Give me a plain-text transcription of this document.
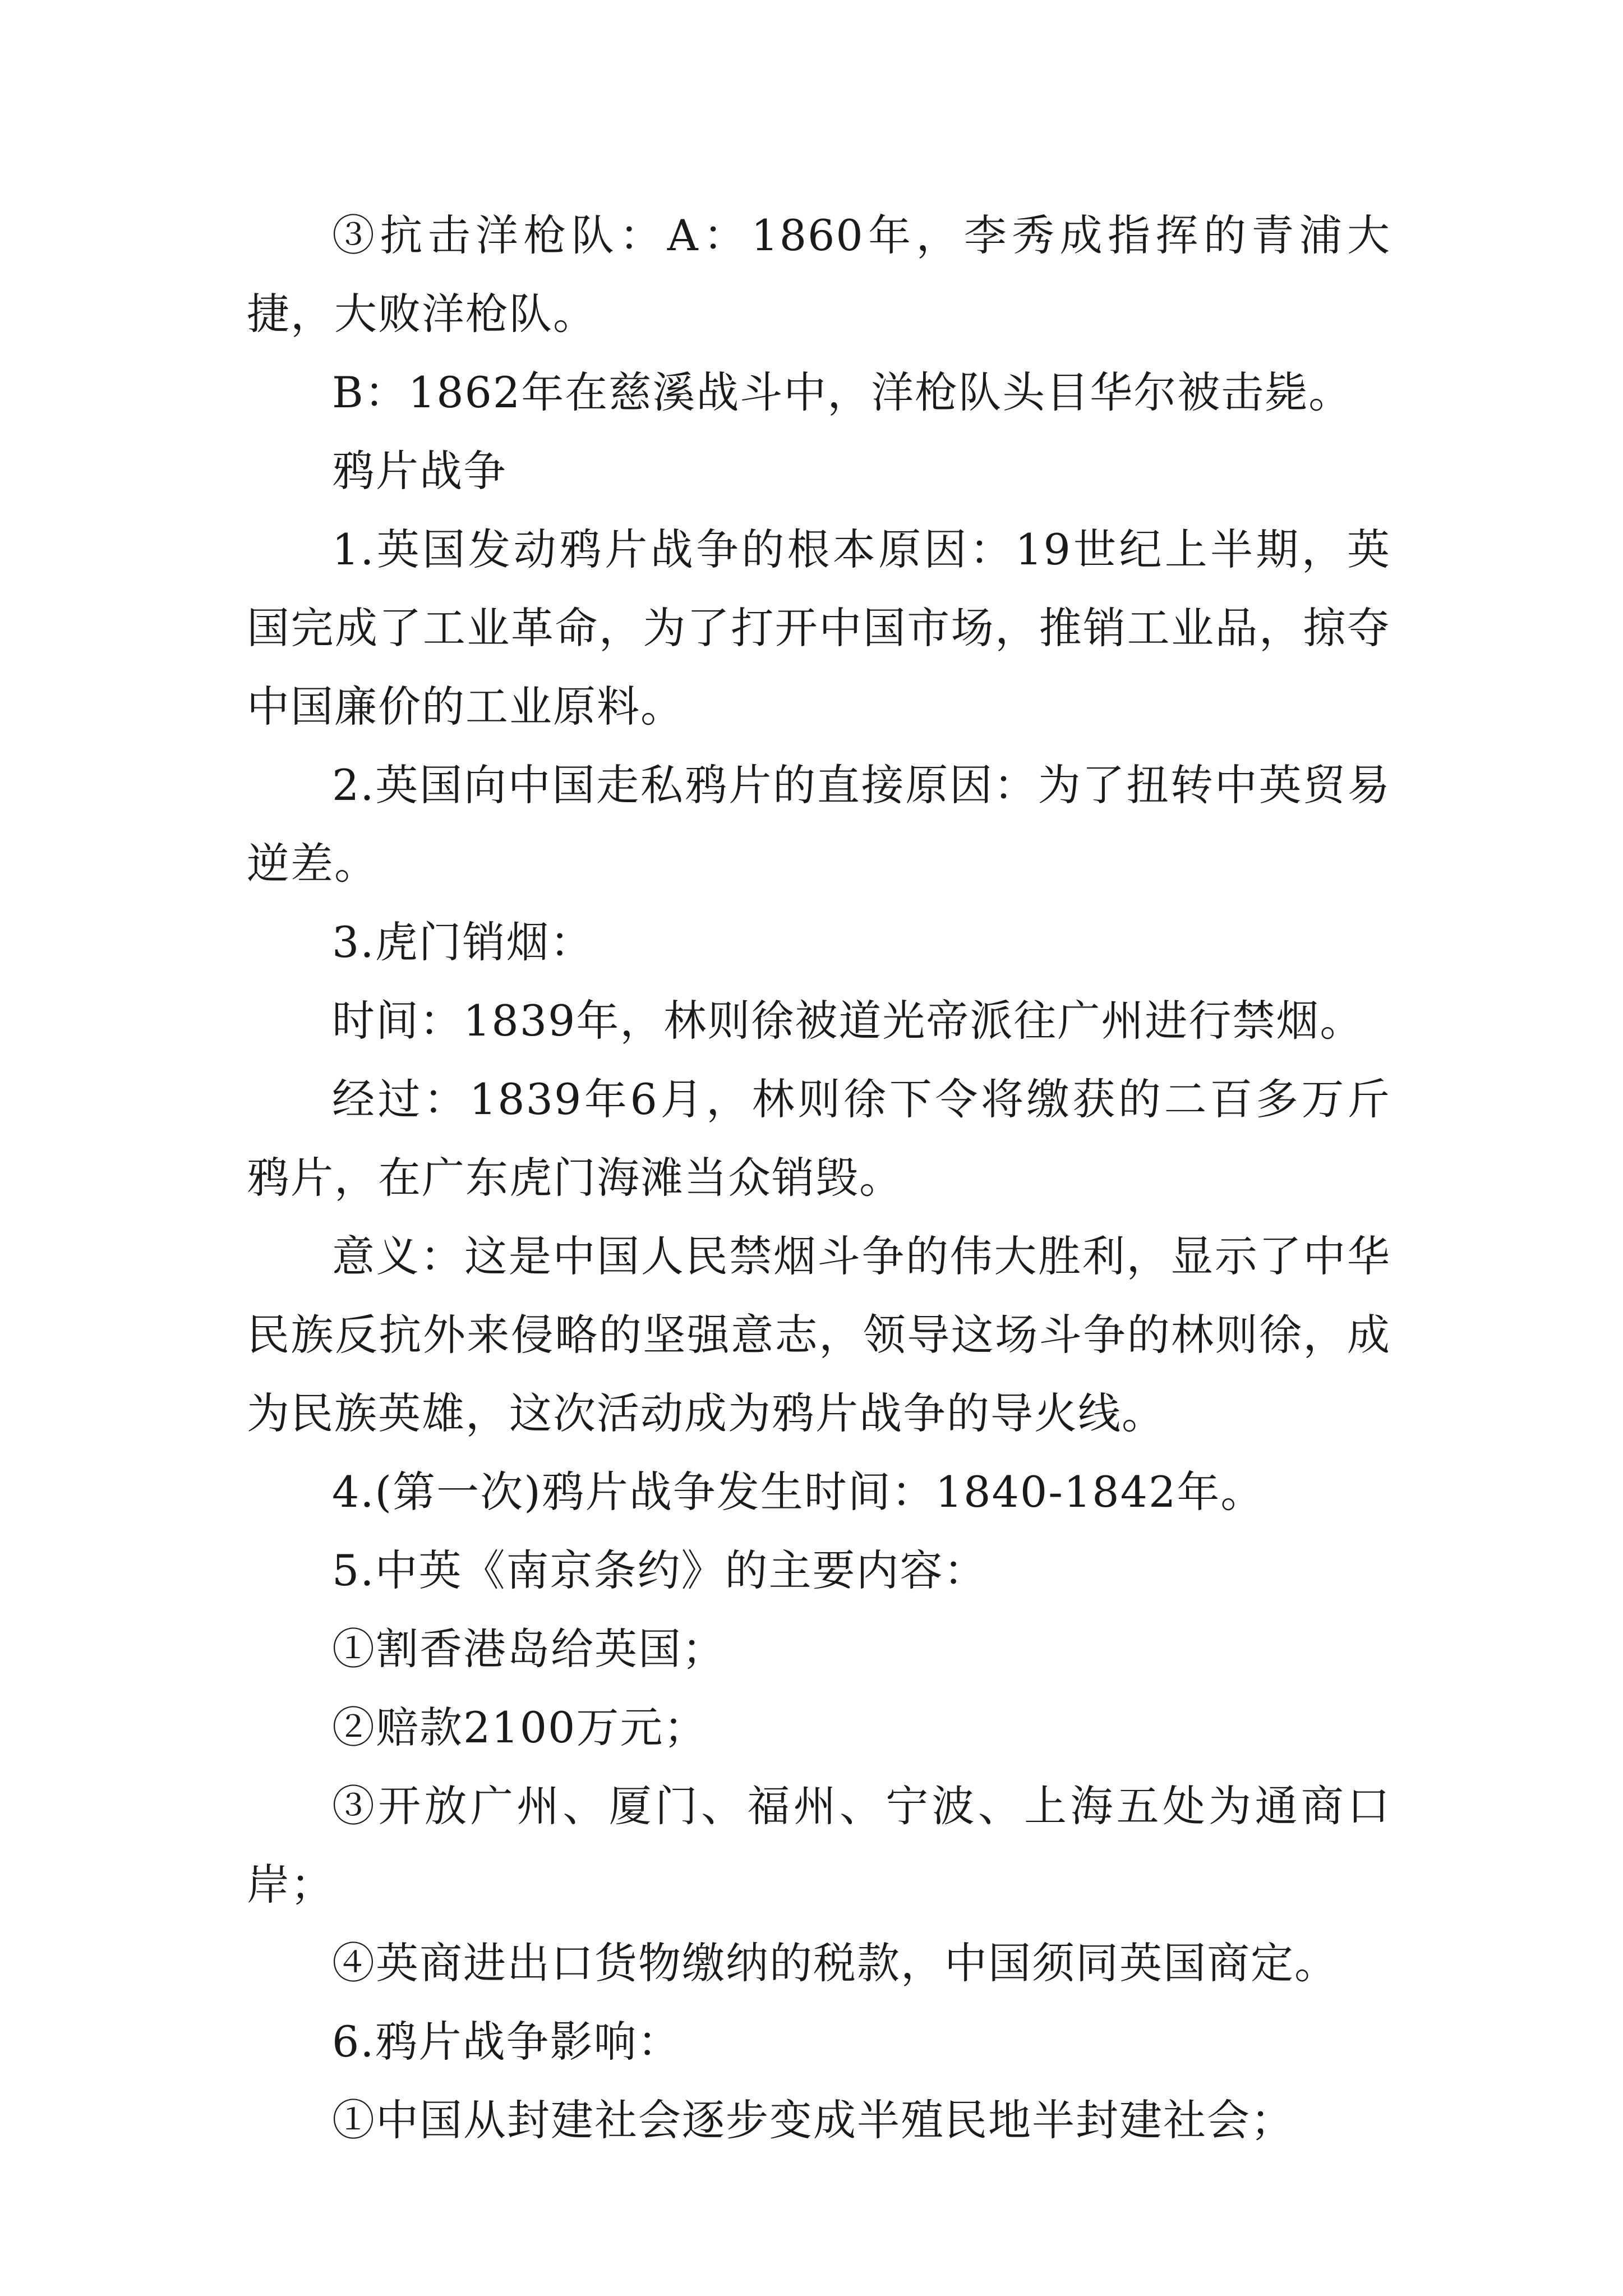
③抗击洋枪队：A：1860年，李秀成指挥的青浦大捷，大败洋枪队。

B：1862年在慈溪战斗中，洋枪队头目华尔被击毙。

鸦片战争

1.英国发动鸦片战争的根本原因：19世纪上半期，英国完成了工业革命，为了打开中国市场，推销工业品，掠夺中国廉价的工业原料。

2.英国向中国走私鸦片的直接原因：为了扭转中英贸易逆差。

3.虎门销烟：

时间：1839年，林则徐被道光帝派往广州进行禁烟。

经过：1839年6月，林则徐下令将缴获的二百多万斤鸦片，在广东虎门海滩当众销毁。

意义：这是中国人民禁烟斗争的伟大胜利，显示了中华民族反抗外来侵略的坚强意志，领导这场斗争的林则徐，成为民族英雄，这次活动成为鸦片战争的导火线。

4.(第一次)鸦片战争发生时间：1840-1842年。

5.中英《南京条约》的主要内容：

①割香港岛给英国；

②赔款2100万元；

③开放广州、厦门、福州、宁波、上海五处为通商口岸；

④英商进出口货物缴纳的税款，中国须同英国商定。

6.鸦片战争影响：

①中国从封建社会逐步变成半殖民地半封建社会；
